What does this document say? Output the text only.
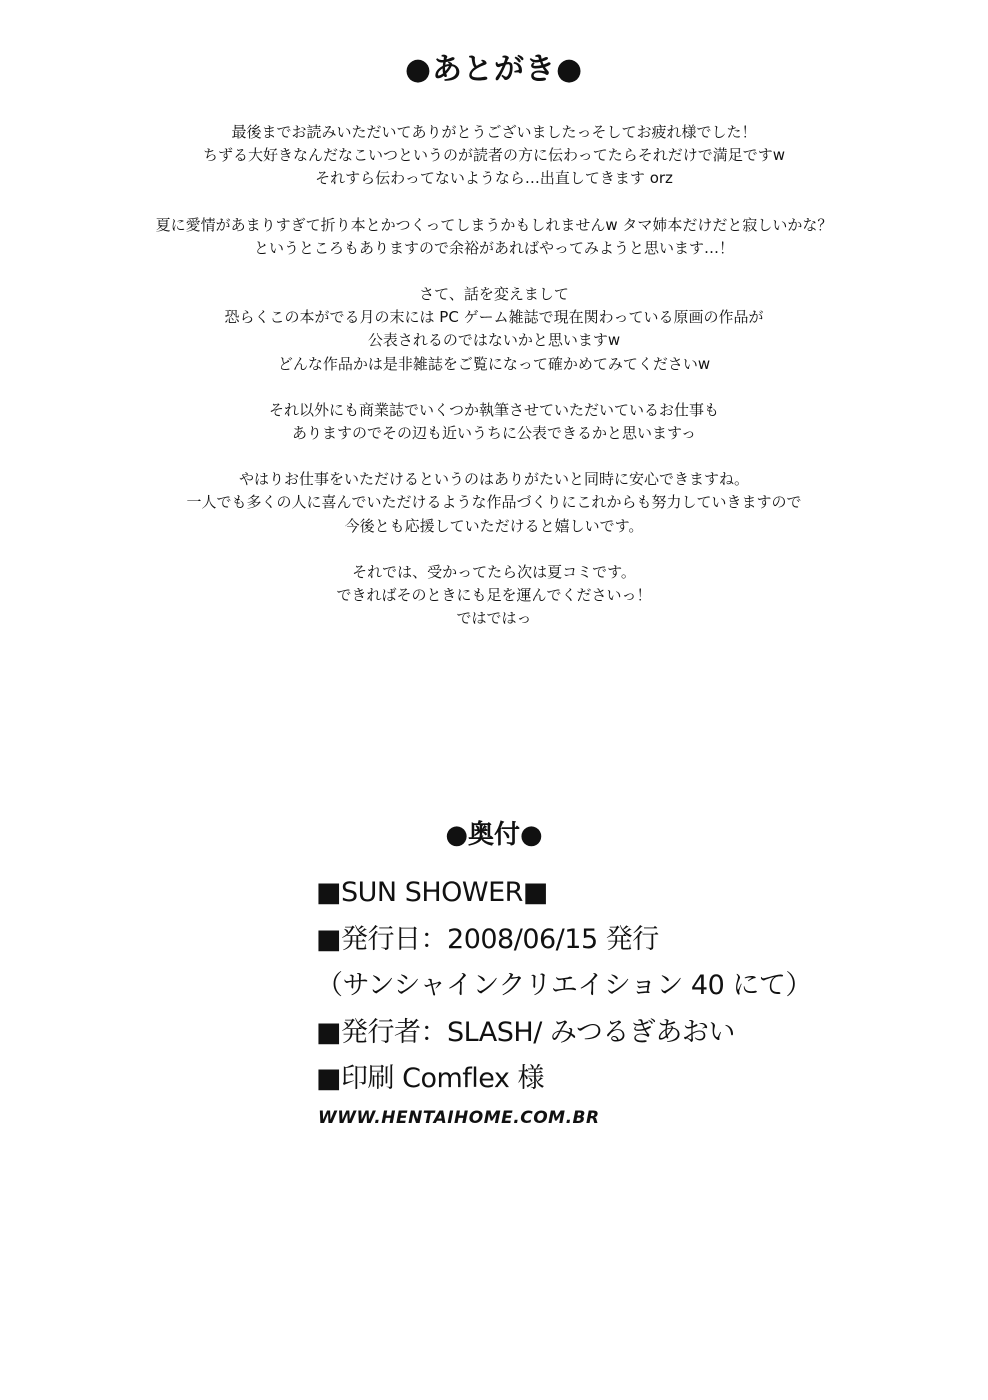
●あとがき●
最後までお読みいただいてありがとうございましたっそしてお疲れ様でした！
ちずる大好きなんだなこいつというのが読者の方に伝わってたらそれだけで満足ですw
それすら伝わってないようなら…出直してきます orz
夏に愛情があまりすぎて折り本とかつくってしまうかもしれませんw タマ姉本だけだと寂しいかな？
というところもありますので余裕があればやってみようと思います…！
さて、話を変えまして
恐らくこの本がでる月の末には PC ゲーム雑誌で現在関わっている原画の作品が
公表されるのではないかと思いますw
どんな作品かは是非雑誌をご覧になって確かめてみてくださいw
それ以外にも商業誌でいくつか執筆させていただいているお仕事も
ありますのでその辺も近いうちに公表できるかと思いますっ
やはりお仕事をいただけるというのはありがたいと同時に安心できますね。
一人でも多くの人に喜んでいただけるような作品づくりにこれからも努力していきますので
今後とも応援していただけると嬉しいです。
それでは、受かってたら次は夏コミです。
できればそのときにも足を運んでくださいっ！
ではではっ
●奥付●
■SUN SHOWER■
■発行日：2008/06/15 発行
（サンシャインクリエイション 40 にて）
■発行者：SLASH/ みつるぎあおい
■印刷 Comflex 様
WWW.HENTAIHOME.COM.BR
